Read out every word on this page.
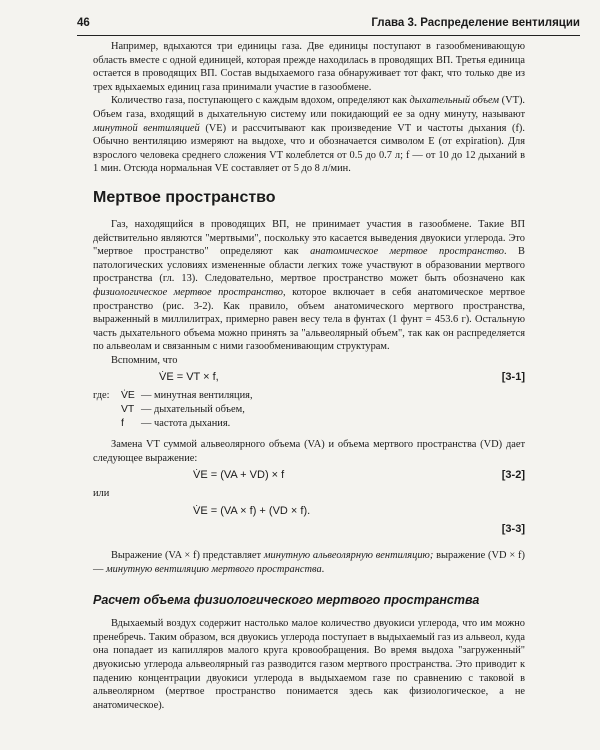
46	Глава 3. Распределение вентиляции

Например, вдыхаются три единицы газа. Две единицы поступают в газообменивающую область вместе с одной единицей, которая прежде находилась в проводящих ВП. Третья единица остается в проводящих ВП. Состав выдыхаемого газа обнаруживает тот факт, что только две из трех вдыхаемых единиц газа принимали участие в газообмене.

Количество газа, поступающего с каждым вдохом, определяют как дыхательный объем (VT). Объем газа, входящий в дыхательную систему или покидающий ее за одну минуту, называют минутной вентиляцией (VE) и рассчитывают как произведение VT и частоты дыхания (f). Обычно вентиляцию измеряют на выдохе, что и обозначается символом E (от expiration). Для взрослого человека среднего сложения VT колеблется от 0.5 до 0.7 л; f — от 10 до 12 дыханий в 1 мин. Отсюда нормальная VE составляет от 5 до 8 л/мин.

Мертвое пространство

Газ, находящийся в проводящих ВП, не принимает участия в газообмене. Такие ВП действительно являются "мертвыми", поскольку это касается выведения двуокиси углерода. Это "мертвое пространство" определяют как анатомическое мертвое пространство. В патологических условиях измененные области легких тоже участвуют в образовании мертвого пространства (гл. 13). Следовательно, мертвое пространство может быть обозначено как физиологическое мертвое пространство, которое включает в себя анатомическое мертвое пространство (рис. 3-2). Как правило, объем анатомического мертвого пространства, выраженный в миллилитрах, примерно равен весу тела в фунтах (1 фунт = 453.6 г). Остальную часть дыхательного объема можно принять за "альвеолярный объем", так как он распределяется по альвеолам и связанным с ними газообменивающим структурам.

Вспомним, что

V̇E = VT × f,	[3-1]
где:	V̇E — минутная вентиляция,
VT — дыхательный объем,
f	— частота дыхания.

Замена VT суммой альвеолярного объема (VA) и объема мертвого пространства (VD) дает следующее выражение:

V̇E = (VA + VD) × f	[3-2]

или

V̇E = (VA × f) + (VD × f).
[3-3]

Выражение (VA × f) представляет минутную альвеолярную вентиляцию; выражение (VD × f) — минутную вентиляцию мертвого пространства.

Расчет объема физиологического мертвого пространства

Вдыхаемый воздух содержит настолько малое количество двуокиси углерода, что им можно пренебречь. Таким образом, вся двуокись углерода поступает в выдыхаемый газ из альвеол, куда она попадает из капилляров малого круга кровообращения. Во время выдоха "загруженный" двуокисью углерода альвеолярный газ разводится газом мертвого пространства. Это приводит к падению концентрации двуокиси углерода в выдыхаемом газе по сравнению с таковой в альвеолярном (мертвое пространство понимается здесь как физиологическое, а не анатомическое).
